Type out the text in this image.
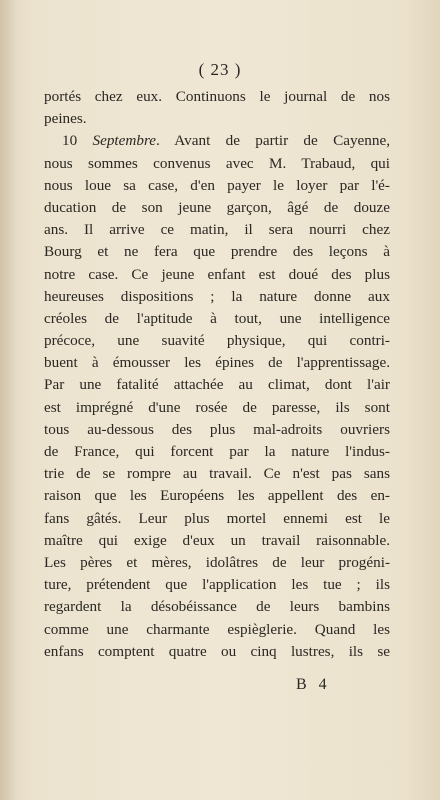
( 23 )
portés chez eux. Continuons le journal de nos
peines.
10 Septembre. Avant de partir de Cayenne,
nous sommes convenus avec M. Trabaud, qui
nous loue sa case, d'en payer le loyer par l'é-
ducation de son jeune garçon, âgé de douze
ans. Il arrive ce matin, il sera nourri chez
Bourg et ne fera que prendre des leçons à
notre case. Ce jeune enfant est doué des plus
heureuses dispositions ; la nature donne aux
créoles de l'aptitude à tout, une intelligence
précoce, une suavité physique, qui contri-
buent à émousser les épines de l'apprentissage.
Par une fatalité attachée au climat, dont l'air
est imprégné d'une rosée de paresse, ils sont
tous au-dessous des plus mal-adroits ouvriers
de France, qui forcent par la nature l'indus-
trie de se rompre au travail. Ce n'est pas sans
raison que les Européens les appellent des en-
fans gâtés. Leur plus mortel ennemi est le
maître qui exige d'eux un travail raisonnable.
Les pères et mères, idolâtres de leur progéni-
ture, prétendent que l'application les tue ; ils
regardent la désobéissance de leurs bambins
comme une charmante espièglerie. Quand les
enfans comptent quatre ou cinq lustres, ils se
B 4
